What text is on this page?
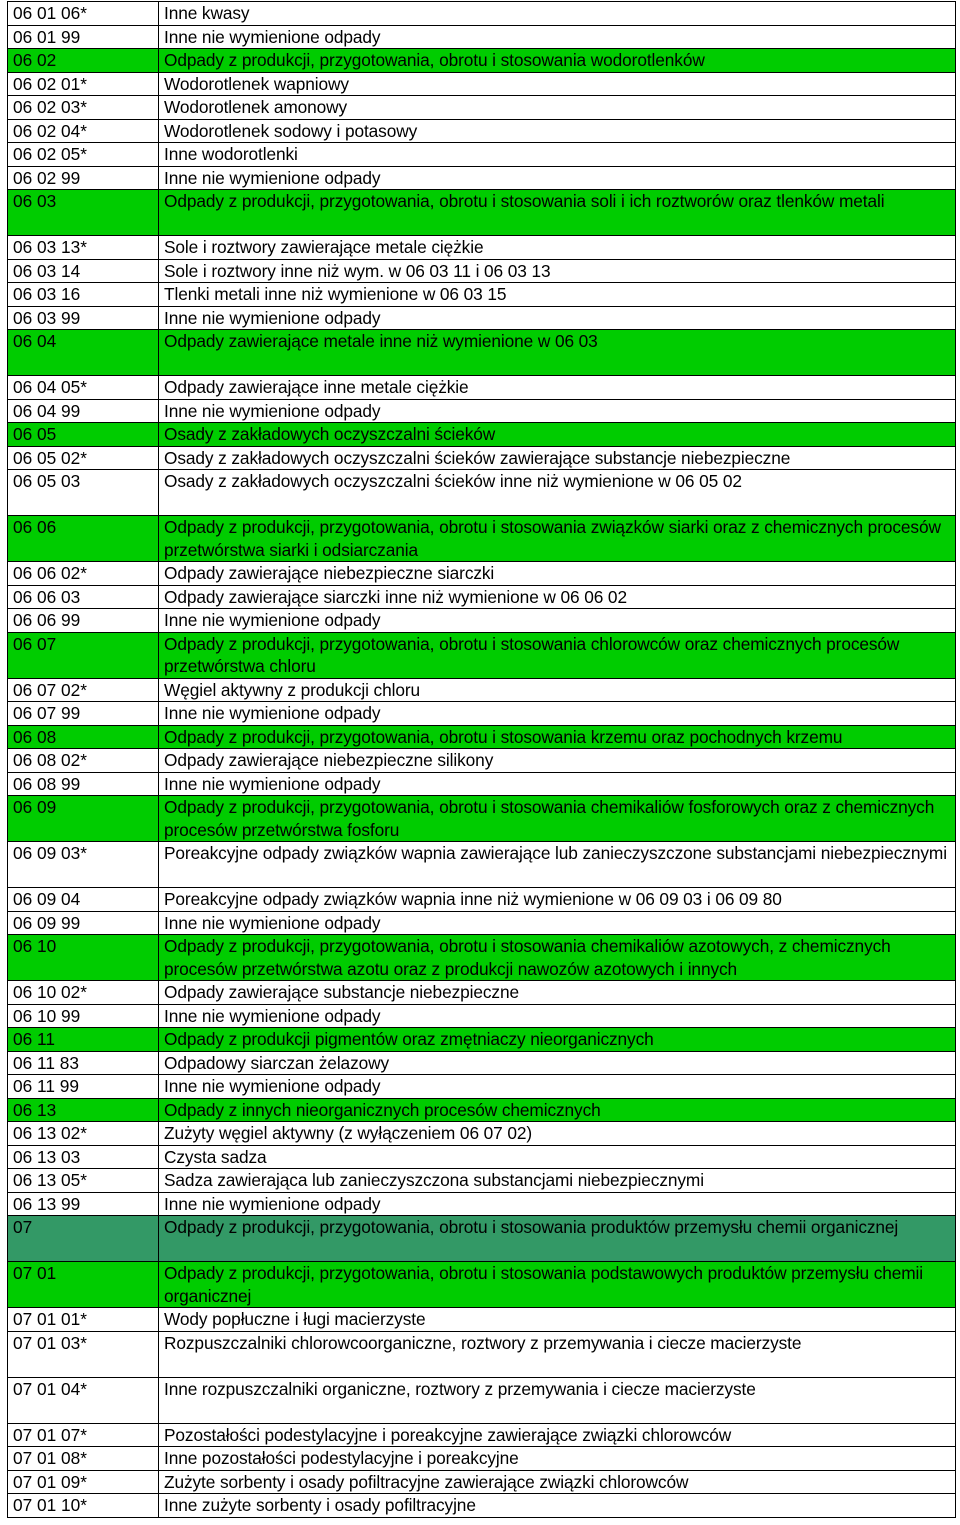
06 01 06*	Inne kwasy
06 01 99	Inne nie wymienione odpady
06 02	Odpady z produkcji, przygotowania, obrotu i stosowania wodorotlenków
06 02 01*	Wodorotlenek wapniowy
06 02 03*	Wodorotlenek amonowy
06 02 04*	Wodorotlenek sodowy i potasowy
06 02 05*	Inne wodorotlenki
06 02 99	Inne nie wymienione odpady
06 03	Odpady z produkcji, przygotowania, obrotu i stosowania soli i ich roztworów oraz tlenków metali
06 03 13*	Sole i roztwory zawierające metale ciężkie
06 03 14	Sole i roztwory inne niż wym. w 06 03 11 i 06 03 13
06 03 16	Tlenki metali inne niż wymienione w 06 03 15
06 03 99	Inne nie wymienione odpady
06 04	Odpady zawierające metale inne niż wymienione w 06 03
06 04 05*	Odpady zawierające inne metale ciężkie
06 04 99	Inne nie wymienione odpady
06 05	Osady z zakładowych oczyszczalni ścieków
06 05 02*	Osady z zakładowych oczyszczalni ścieków zawierające substancje niebezpieczne
06 05 03	Osady z zakładowych oczyszczalni ścieków inne niż wymienione w 06 05 02
06 06	Odpady z produkcji, przygotowania, obrotu i stosowania związków siarki oraz z chemicznych procesów przetwórstwa siarki i odsiarczania
06 06 02*	Odpady zawierające niebezpieczne siarczki
06 06 03	Odpady zawierające siarczki inne niż wymienione w 06 06 02
06 06 99	Inne nie wymienione odpady
06 07	Odpady z produkcji, przygotowania, obrotu i stosowania chlorowców oraz chemicznych procesów przetwórstwa chloru
06 07 02*	Węgiel aktywny z produkcji chloru
06 07 99	Inne nie wymienione odpady
06 08	Odpady z produkcji, przygotowania, obrotu i stosowania krzemu oraz pochodnych krzemu
06 08 02*	Odpady zawierające niebezpieczne silikony
06 08 99	Inne nie wymienione odpady
06 09	Odpady z produkcji, przygotowania, obrotu i stosowania chemikaliów fosforowych oraz z chemicznych procesów przetwórstwa fosforu
06 09 03*	Poreakcyjne odpady związków wapnia zawierające lub zanieczyszczone substancjami niebezpiecznymi
06 09 04	Poreakcyjne odpady związków wapnia inne niż wymienione w 06 09 03 i 06 09 80
06 09 99	Inne nie wymienione odpady
06 10	Odpady z produkcji, przygotowania, obrotu i stosowania chemikaliów azotowych, z chemicznych procesów przetwórstwa azotu oraz z produkcji nawozów azotowych i innych
06 10 02*	Odpady zawierające substancje niebezpieczne
06 10 99	Inne nie wymienione odpady
06 11	Odpady z produkcji pigmentów oraz zmętniaczy nieorganicznych
06 11 83	Odpadowy siarczan żelazowy
06 11 99	Inne nie wymienione odpady
06 13	Odpady z innych nieorganicznych procesów chemicznych
06 13 02*	Zużyty węgiel aktywny (z wyłączeniem 06 07 02)
06 13 03	Czysta sadza
06 13 05*	Sadza zawierająca lub zanieczyszczona substancjami niebezpiecznymi
06 13 99	Inne nie wymienione odpady
07	Odpady z produkcji, przygotowania, obrotu i stosowania produktów przemysłu chemii organicznej
07 01	Odpady z produkcji, przygotowania, obrotu i stosowania podstawowych produktów przemysłu chemii organicznej
07 01 01*	Wody popłuczne i ługi macierzyste
07 01 03*	Rozpuszczalniki chlorowcoorganiczne, roztwory z przemywania i ciecze macierzyste
07 01 04*	Inne rozpuszczalniki organiczne, roztwory z przemywania i ciecze macierzyste
07 01 07*	Pozostałości podestylacyjne i poreakcyjne zawierające związki chlorowców
07 01 08*	Inne pozostałości podestylacyjne i poreakcyjne
07 01 09*	Zużyte sorbenty i osady pofiltracyjne zawierające związki chlorowców
07 01 10*	Inne zużyte sorbenty i osady pofiltracyjne
